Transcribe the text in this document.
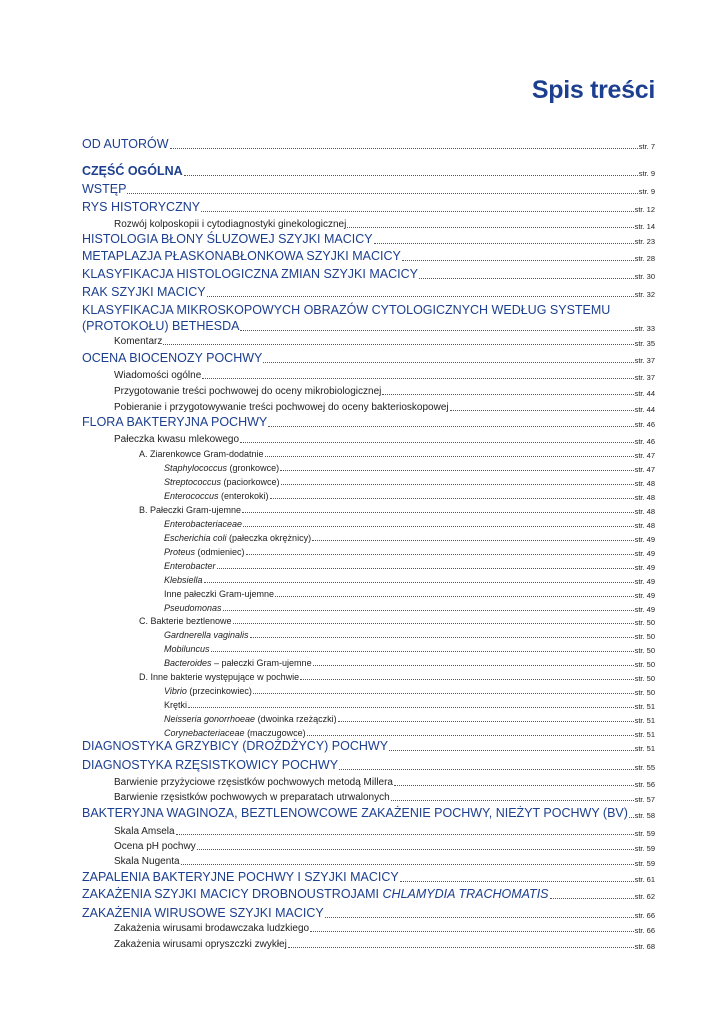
Spis treści
OD AUTORÓW	str. 7
CZĘŚĆ OGÓLNA	str. 9
WSTĘP	str. 9
RYS HISTORYCZNY	str. 12
Rozwój kolposkopii i cytodiagnostyki ginekologicznej	str. 14
HISTOLOGIA BŁONY ŚLUZOWEJ SZYJKI MACICY	str. 23
METAPLAZJA PŁASKONABŁONKOWA SZYJKI MACICY	str. 28
KLASYFIKACJA HISTOLOGICZNA ZMIAN SZYJKI MACICY	str. 30
RAK SZYJKI MACICY	str. 32
KLASYFIKACJA MIKROSKOPOWYCH OBRAZÓW CYTOLOGICZNYCH WEDŁUG SYSTEMU
(PROTOKOŁU) BETHESDA	str. 33
Komentarz	str. 35
OCENA BIOCENOZY POCHWY	str. 37
Wiadomości ogólne	str. 37
Przygotowanie treści pochwowej do oceny mikrobiologicznej	str. 44
Pobieranie i przygotowywanie treści pochwowej do oceny bakterioskopowej	str. 44
FLORA BAKTERYJNA POCHWY	str. 46
Pałeczka kwasu mlekowego	str. 46
A. Ziarenkowce Gram-dodatnie	str. 47
Staphylococcus (gronkowce)	str. 47
Streptococcus (paciorkowce)	str. 48
Enterococcus (enterokoki)	str. 48
B. Pałeczki Gram-ujemne	str. 48
Enterobacteriaceae	str. 48
Escherichia coli (pałeczka okrężnicy)	str. 49
Proteus (odmieniec)	str. 49
Enterobacter	str. 49
Klebsiella	str. 49
Inne pałeczki Gram-ujemne	str. 49
Pseudomonas	str. 49
C. Bakterie beztlenowe	str. 50
Gardnerella vaginalis	str. 50
Mobiluncus	str. 50
Bacteroides – pałeczki Gram-ujemne	str. 50
D. Inne bakterie występujące w pochwie	str. 50
Vibrio (przecinkowiec)	str. 50
Krętki	str. 51
Neisseria gonorrhoeae (dwoinka rzeżączki)	str. 51
Corynebacteriaceae (maczugowce)	str. 51
DIAGNOSTYKA GRZYBICY (DROŻDŻYCY) POCHWY	str. 51
DIAGNOSTYKA RZĘSISTKOWICY POCHWY	str. 55
Barwienie przyżyciowe rzęsistków pochwowych metodą Millera	str. 56
Barwienie rzęsistków pochwowych w preparatach utrwalonych	str. 57
BAKTERYJNA WAGINOZA, BEZTLENOWCOWE ZAKAŻENIE POCHWY, NIEŻYT POCHWY (BV) str. 58
Skala Amsela	str. 59
Ocena pH pochwy	str. 59
Skala Nugenta	str. 59
ZAPALENIA BAKTERYJNE POCHWY I SZYJKI MACICY	str. 61
ZAKAŻENIA SZYJKI MACICY DROBNOUSTROJAMI CHLAMYDIA TRACHOMATIS	str. 62
ZAKAŻENIA WIRUSOWE SZYJKI MACICY	str. 66
Zakażenia wirusami brodawczaka ludzkiego	str. 66
Zakażenia wirusami opryszczki zwykłej	str. 68
